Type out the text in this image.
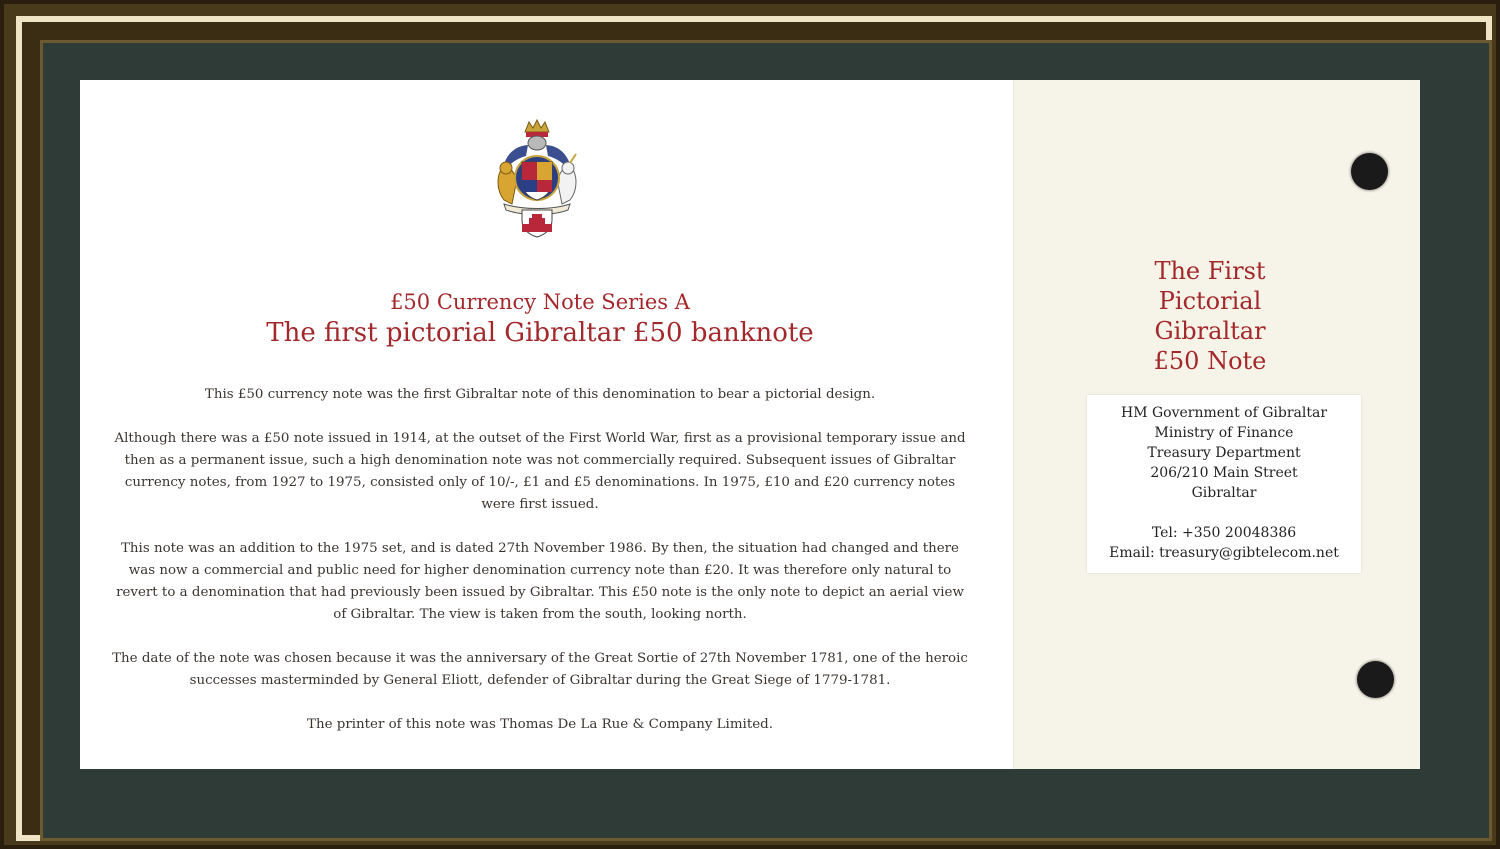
£50 Currency Note Series A
The first pictorial Gibraltar £50 banknote

This £50 currency note was the first Gibraltar note of this denomination to bear a pictorial design.

Although there was a £50 note issued in 1914, at the outset of the First World War, first as a provisional temporary issue and then as a permanent issue, such a high denomination note was not commercially required. Subsequent issues of Gibraltar currency notes, from 1927 to 1975, consisted only of 10/-, £1 and £5 denominations. In 1975, £10 and £20 currency notes were first issued.

This note was an addition to the 1975 set, and is dated 27th November 1986. By then, the situation had changed and there was now a commercial and public need for higher denomination currency note than £20. It was therefore only natural to revert to a denomination that had previously been issued by Gibraltar. This £50 note is the only note to depict an aerial view of Gibraltar. The view is taken from the south, looking north.

The date of the note was chosen because it was the anniversary of the Great Sortie of 27th November 1781, one of the heroic successes masterminded by General Eliott, defender of Gibraltar during the Great Siege of 1779-1781.

The printer of this note was Thomas De La Rue & Company Limited.

The First
Pictorial
Gibraltar
£50 Note
HM Government of Gibraltar
Ministry of Finance
Treasury Department
206/210 Main Street
Gibraltar
Tel: +350 20048386
Email: treasury@gibtelecom.net
